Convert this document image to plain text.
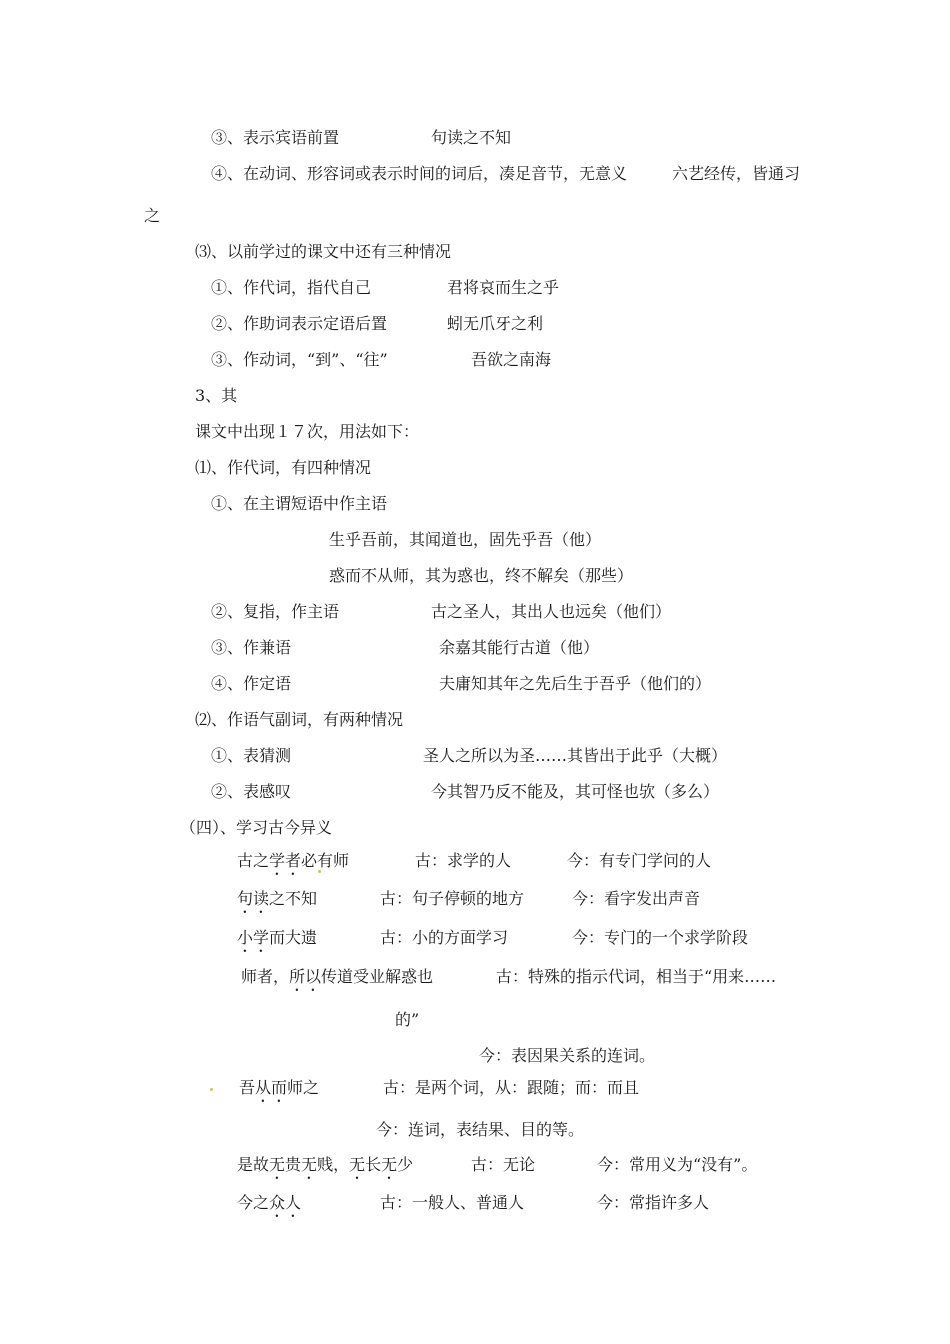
③、表示宾语前置	句读之不知
④、在动词、形容词或表示时间的词后，凑足音节，无意义	六艺经传，皆通习
之
⑶、以前学过的课文中还有三种情况
①、作代词，指代自己	君将哀而生之乎
②、作助词表示定语后置	蚓无爪牙之利
③、作动词，“到”、“往”	吾欲之南海
3、其
课文中出现１７次，用法如下：
⑴、作代词，有四种情况
①、在主谓短语中作主语
生乎吾前，其闻道也，固先乎吾（他）
惑而不从师，其为惑也，终不解矣（那些）
②、复指，作主语	古之圣人，其出人也远矣（他们）
③、作兼语	余嘉其能行古道（他）
④、作定语	夫庸知其年之先后生于吾乎（他们的）
⑵、作语气副词，有两种情况
①、表猜测	圣人之所以为圣……其皆出于此乎（大概）
②、表感叹	今其智乃反不能及，其可怪也欤（多么）
（四）、学习古今异义
古之学者必有师	古：求学的人	今：有专门学问的人
句读之不知	古：句子停顿的地方	今：看字发出声音
小学而大遗	古：小的方面学习	今：专门的一个求学阶段
师者，所以传道受业解惑也	古：特殊的指示代词，相当于“用来……
的”
今：表因果关系的连词。
吾从而师之	古：是两个词，从：跟随；而：而且
今：连词，表结果、目的等。
是故无贵无贱，无长无少	古：无论	今：常用义为“没有”。
今之众人	古：一般人、普通人	今：常指许多人
